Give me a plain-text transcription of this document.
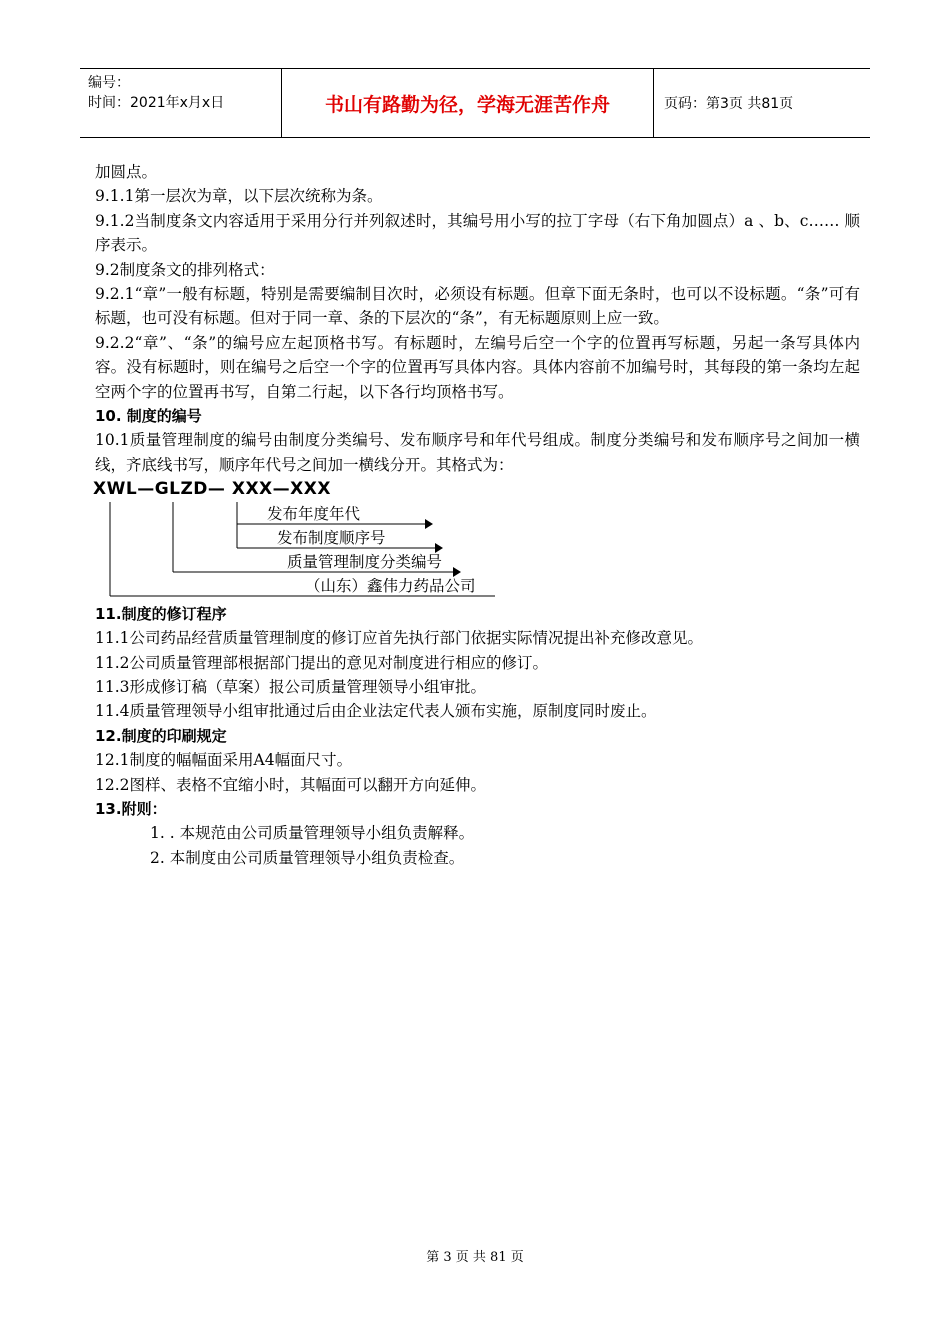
编号：
时间：2021年x月x日	书山有路勤为径，学海无涯苦作舟	页码：第3页 共81页

加圆点。

9.1.1第一层次为章，以下层次统称为条。

9.1.2当制度条文内容适用于采用分行并列叙述时，其编号用小写的拉丁字母（右下角加圆点）a 、b、c…… 顺序表示。

9.2制度条文的排列格式：

9.2.1“章”一般有标题，特别是需要编制目次时，必须设有标题。但章下面无条时，也可以不设标题。“条”可有标题，也可没有标题。但对于同一章、条的下层次的“条”，有无标题原则上应一致。

9.2.2“章”、“条”的编号应左起顶格书写。有标题时，左编号后空一个字的位置再写标题，另起一条写具体内容。没有标题时，则在编号之后空一个字的位置再写具体内容。具体内容前不加编号时，其每段的第一条均左起空两个字的位置再书写，自第二行起，以下各行均顶格书写。

10. 制度的编号

10.1质量管理制度的编号由制度分类编号、发布顺序号和年代号组成。制度分类编号和发布顺序号之间加一横线，齐底线书写，顺序年代号之间加一横线分开。其格式为：

XWL—GLZD— XXX—XXX

发布年度年代
发布制度顺序号
质量管理制度分类编号
（山东）鑫伟力药品公司

11.制度的修订程序

11.1公司药品经营质量管理制度的修订应首先执行部门依据实际情况提出补充修改意见。

11.2公司质量管理部根据部门提出的意见对制度进行相应的修订。

11.3形成修订稿（草案）报公司质量管理领导小组审批。

11.4质量管理领导小组审批通过后由企业法定代表人颁布实施，原制度同时废止。

12.制度的印刷规定

12.1制度的幅幅面采用A4幅面尺寸。

12.2图样、表格不宜缩小时，其幅面可以翻开方向延伸。

13.附则：

1. . 本规范由公司质量管理领导小组负责解释。

2. 本制度由公司质量管理领导小组负责检查。

第 3 页 共 81 页
